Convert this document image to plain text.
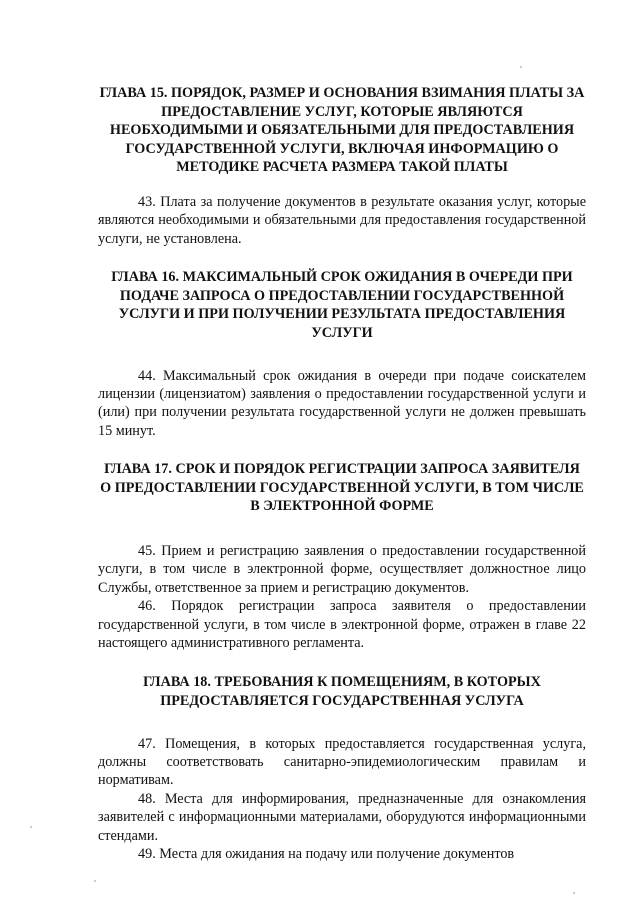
ГЛАВА 15. ПОРЯДОК, РАЗМЕР И ОСНОВАНИЯ ВЗИМАНИЯ ПЛАТЫ ЗА ПРЕДОСТАВЛЕНИЕ УСЛУГ, КОТОРЫЕ ЯВЛЯЮТСЯ НЕОБХОДИМЫМИ И ОБЯЗАТЕЛЬНЫМИ ДЛЯ ПРЕДОСТАВЛЕНИЯ ГОСУДАРСТВЕННОЙ УСЛУГИ, ВКЛЮЧАЯ ИНФОРМАЦИЮ О МЕТОДИКЕ РАСЧЕТА РАЗМЕРА ТАКОЙ ПЛАТЫ

43. Плата за получение документов в результате оказания услуг, которые являются необходимыми и обязательными для предоставления государственной услуги, не установлена.

ГЛАВА 16. МАКСИМАЛЬНЫЙ СРОК ОЖИДАНИЯ В ОЧЕРЕДИ ПРИ ПОДАЧЕ ЗАПРОСА О ПРЕДОСТАВЛЕНИИ ГОСУДАРСТВЕННОЙ УСЛУГИ И ПРИ ПОЛУЧЕНИИ РЕЗУЛЬТАТА ПРЕДОСТАВЛЕНИЯ УСЛУГИ

44. Максимальный срок ожидания в очереди при подаче соискателем лицензии (лицензиатом) заявления о предоставлении государственной услуги и (или) при получении результата государственной услуги не должен превышать 15 минут.

ГЛАВА 17. СРОК И ПОРЯДОК РЕГИСТРАЦИИ ЗАПРОСА ЗАЯВИТЕЛЯ О ПРЕДОСТАВЛЕНИИ ГОСУДАРСТВЕННОЙ УСЛУГИ, В ТОМ ЧИСЛЕ В ЭЛЕКТРОННОЙ ФОРМЕ

45. Прием и регистрацию заявления о предоставлении государственной услуги, в том числе в электронной форме, осуществляет должностное лицо Службы, ответственное за прием и регистрацию документов.

46. Порядок регистрации запроса заявителя о предоставлении государственной услуги, в том числе в электронной форме, отражен в главе 22 настоящего административного регламента.

ГЛАВА 18. ТРЕБОВАНИЯ К ПОМЕЩЕНИЯМ, В КОТОРЫХ ПРЕДОСТАВЛЯЕТСЯ ГОСУДАРСТВЕННАЯ УСЛУГА

47. Помещения, в которых предоставляется государственная услуга, должны соответствовать санитарно-эпидемиологическим правилам и нормативам.

48. Места для информирования, предназначенные для ознакомления заявителей с информационными материалами, оборудуются информационными стендами.

49. Места для ожидания на подачу или получение документов
